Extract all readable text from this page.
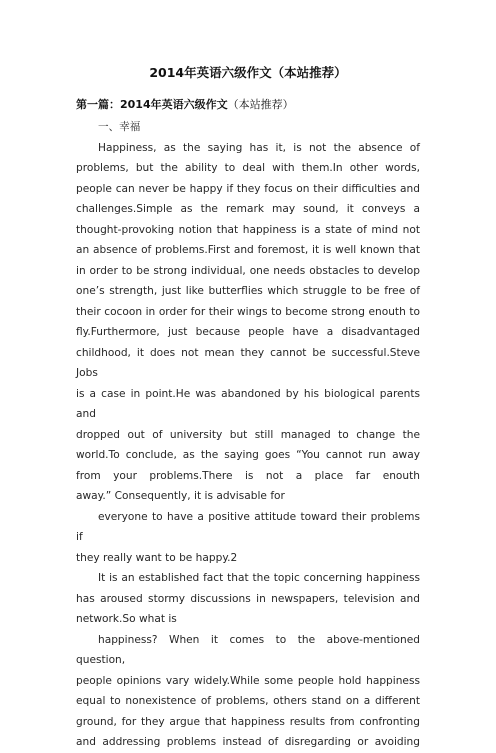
2014年英语六级作文（本站推荐）
第一篇：2014年英语六级作文（本站推荐）

一、幸福

Happiness, as the saying has it, is not the absence of

problems, but the ability to deal with them.In other words,

people can never be happy if they focus on their difficulties and

challenges.Simple as the remark may sound, it conveys a

thought-provoking notion that happiness is a state of mind not

an absence of problems.First and foremost, it is well known that

in order to be strong individual, one needs obstacles to develop

one’s strength, just like butterflies which struggle to be free of

their cocoon in order for their wings to become strong enouth to

fly.Furthermore, just because people have a disadvantaged

childhood, it does not mean they cannot be successful.Steve Jobs

is a case in point.He was abandoned by his biological parents and

dropped out of university but still managed to change the

world.To conclude, as the saying goes “You cannot run away

from your problems.There is not a place far enouth

away.” Consequently, it is advisable for

everyone to have a positive attitude toward their problems if

they really want to be happy.2

It is an established fact that the topic concerning happiness

has aroused stormy discussions in newspapers, television and

network.So what is

happiness? When it comes to the above-mentioned question,

people opinions vary widely.While some people hold happiness

equal to nonexistence of problems, others stand on a different

ground, for they argue that happiness results from confronting

and addressing problems instead of disregarding or avoiding
